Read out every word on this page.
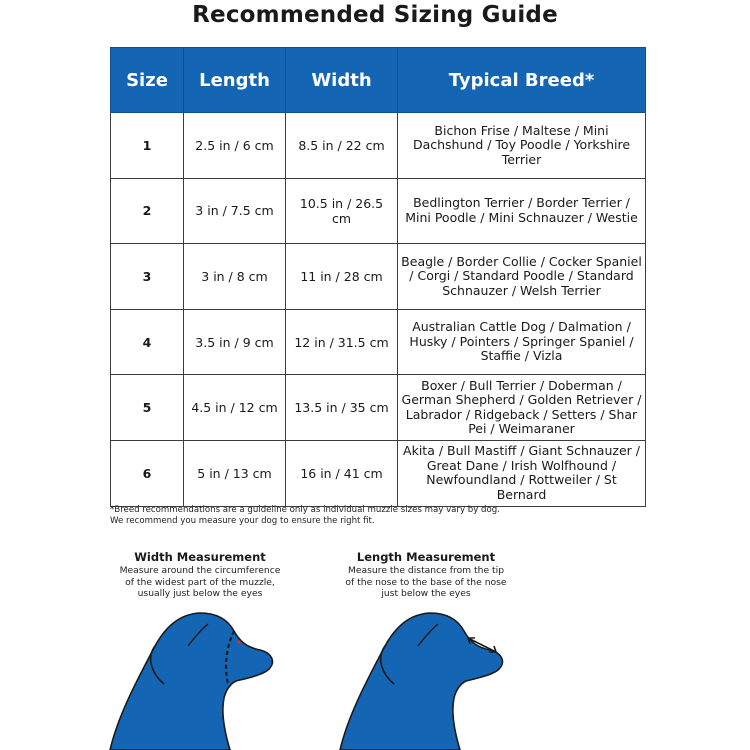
Recommended Sizing Guide
Size	Length	Width	Typical Breed*
1	2.5 in / 6 cm	8.5 in / 22 cm	Bichon Frise / Maltese / Mini Dachshund / Toy Poodle / Yorkshire Terrier
2	3 in / 7.5 cm	10.5 in / 26.5 cm	Bedlington Terrier / Border Terrier / Mini Poodle / Mini Schnauzer / Westie
3	3 in / 8 cm	11 in / 28 cm	Beagle / Border Collie / Cocker Spaniel / Corgi / Standard Poodle / Standard Schnauzer / Welsh Terrier
4	3.5 in / 9 cm	12 in / 31.5 cm	Australian Cattle Dog / Dalmation / Husky / Pointers / Springer Spaniel / Staffie / Vizla
5	4.5 in / 12 cm	13.5 in / 35 cm	Boxer / Bull Terrier / Doberman / German Shepherd / Golden Retriever / Labrador / Ridgeback / Setters / Shar Pei / Weimaraner
6	5 in / 13 cm	16 in / 41 cm	Akita / Bull Mastiff / Giant Schnauzer / Great Dane / Irish Wolfhound / Newfoundland / Rottweiler / St Bernard
*Breed recommendations are a guideline only as individual muzzle sizes may vary by dog.
We recommend you measure your dog to ensure the right fit.
Width Measurement
Measure around the circumference
of the widest part of the muzzle,
usually just below the eyes
Length Measurement
Measure the distance from the tip
of the nose to the base of the nose
just below the eyes
